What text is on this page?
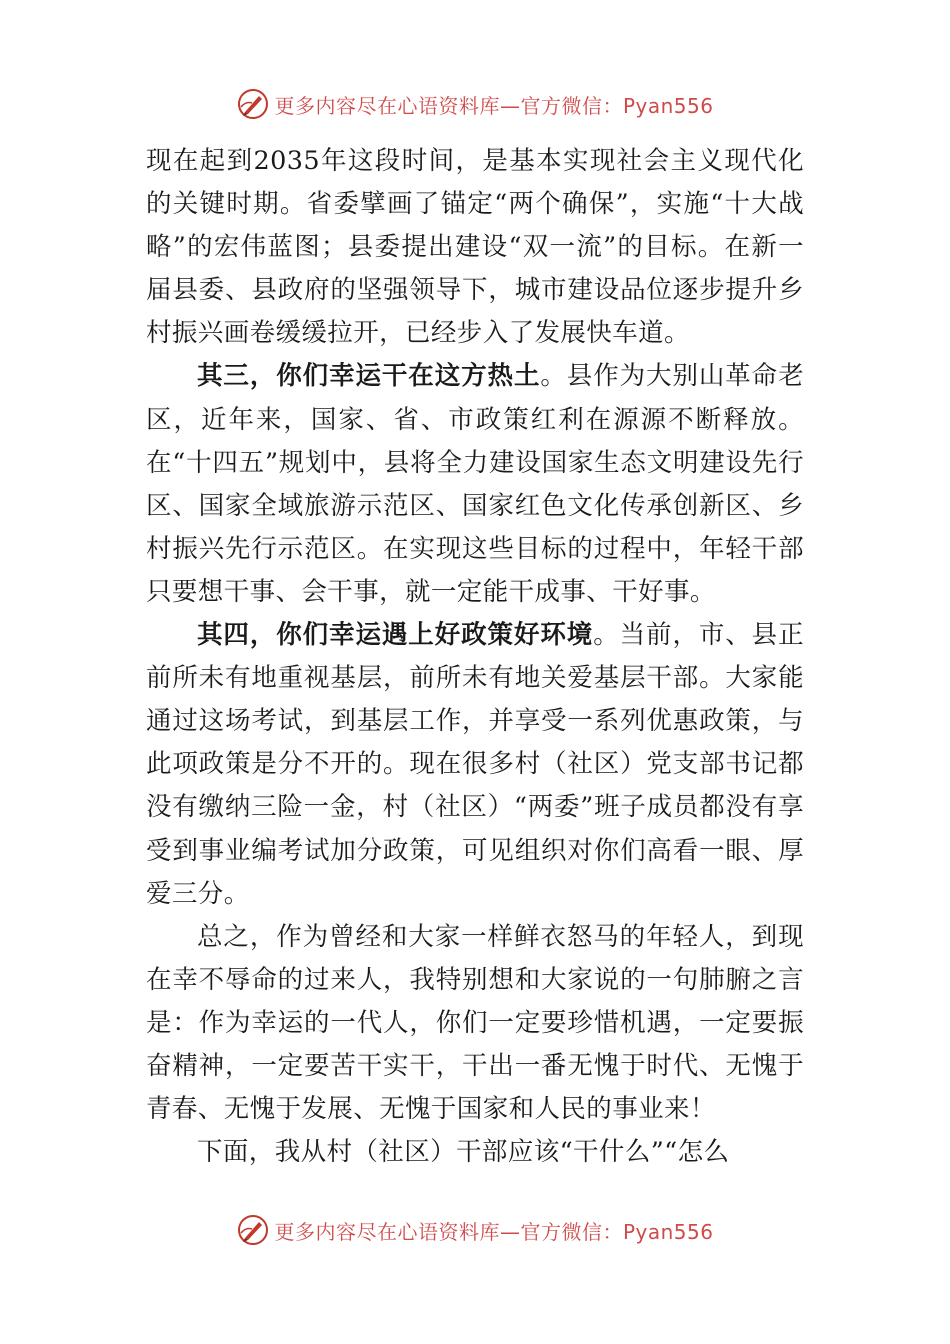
更多内容尽在心语资料库—官方微信：Pyan556

现在起到2035年这段时间，是基本实现社会主义现代化的关键时期。省委擘画了锚定“两个确保”，实施“十大战略”的宏伟蓝图；县委提出建设“双一流”的目标。在新一届县委、县政府的坚强领导下，城市建设品位逐步提升乡村振兴画卷缓缓拉开，已经步入了发展快车道。

其三，你们幸运干在这方热土。县作为大别山革命老区，近年来，国家、省、市政策红利在源源不断释放。在“十四五”规划中，县将全力建设国家生态文明建设先行区、国家全域旅游示范区、国家红色文化传承创新区、乡村振兴先行示范区。在实现这些目标的过程中，年轻干部只要想干事、会干事，就一定能干成事、干好事。

其四，你们幸运遇上好政策好环境。当前，市、县正前所未有地重视基层，前所未有地关爱基层干部。大家能通过这场考试，到基层工作，并享受一系列优惠政策，与此项政策是分不开的。现在很多村（社区）党支部书记都没有缴纳三险一金，村（社区）“两委”班子成员都没有享受到事业编考试加分政策，可见组织对你们高看一眼、厚爱三分。

总之，作为曾经和大家一样鲜衣怒马的年轻人，到现在幸不辱命的过来人，我特别想和大家说的一句肺腑之言是：作为幸运的一代人，你们一定要珍惜机遇，一定要振奋精神，一定要苦干实干，干出一番无愧于时代、无愧于青春、无愧于发展、无愧于国家和人民的事业来！

下面，我从村（社区）干部应该“干什么”“怎么

更多内容尽在心语资料库—官方微信：Pyan556
